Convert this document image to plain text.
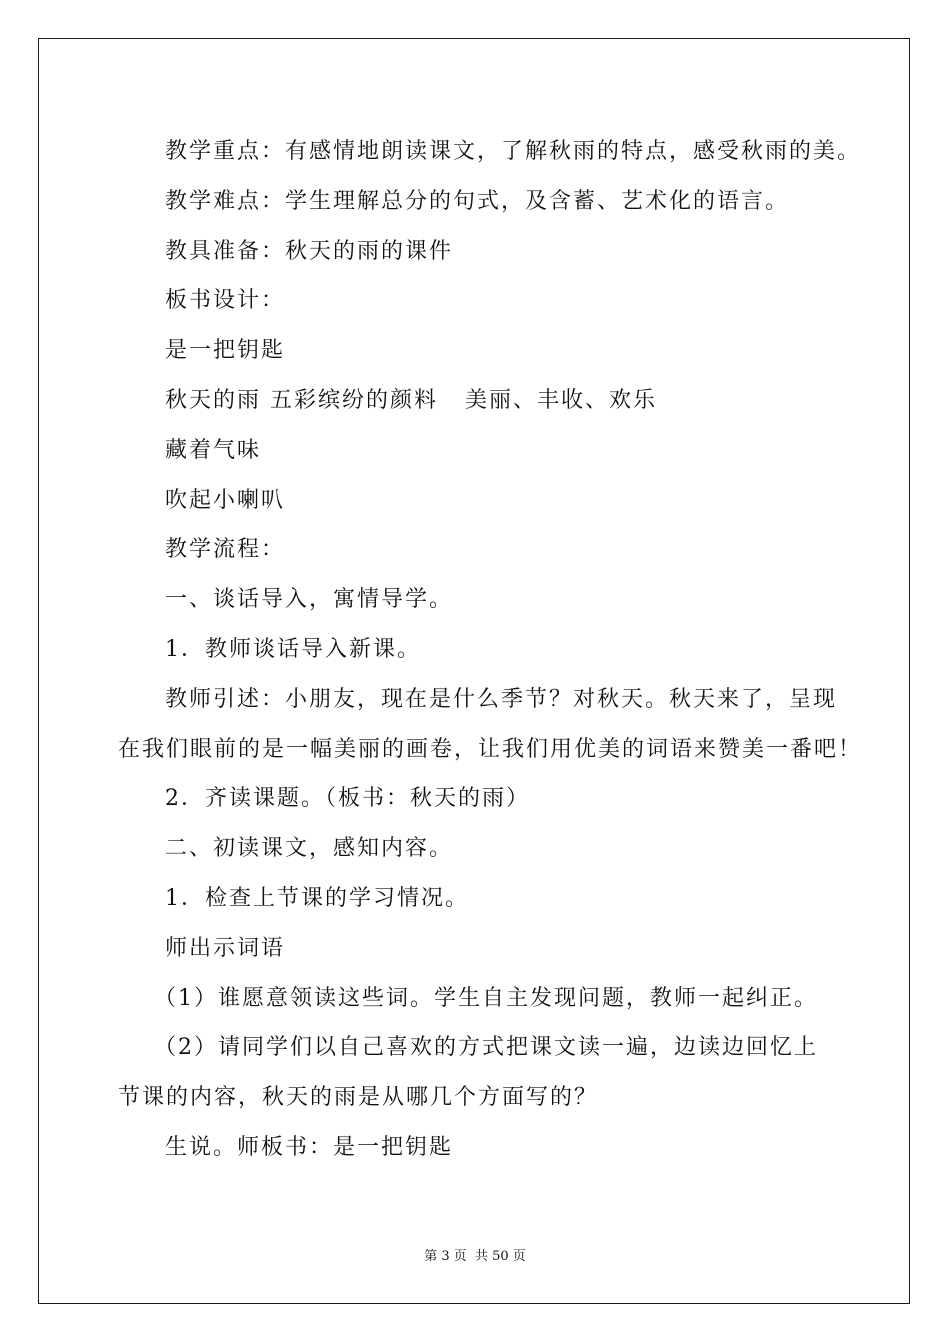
教学重点：有感情地朗读课文，了解秋雨的特点，感受秋雨的美。

教学难点：学生理解总分的句式，及含蓄、艺术化的语言。

教具准备：秋天的雨的课件

板书设计：

是一把钥匙

秋天的雨 五彩缤纷的颜料   美丽、丰收、欢乐

藏着气味

吹起小喇叭

教学流程：

一、谈话导入，寓情导学。

1．教师谈话导入新课。

教师引述：小朋友，现在是什么季节？对秋天。秋天来了，呈现

在我们眼前的是一幅美丽的画卷，让我们用优美的词语来赞美一番吧！

2．齐读课题。（板书：秋天的雨）

二、初读课文，感知内容。

1．检查上节课的学习情况。

师出示词语

（1）谁愿意领读这些词。学生自主发现问题，教师一起纠正。

（2）请同学们以自己喜欢的方式把课文读一遍，边读边回忆上

节课的内容，秋天的雨是从哪几个方面写的？

生说。师板书：是一把钥匙

第 3 页  共 50 页
